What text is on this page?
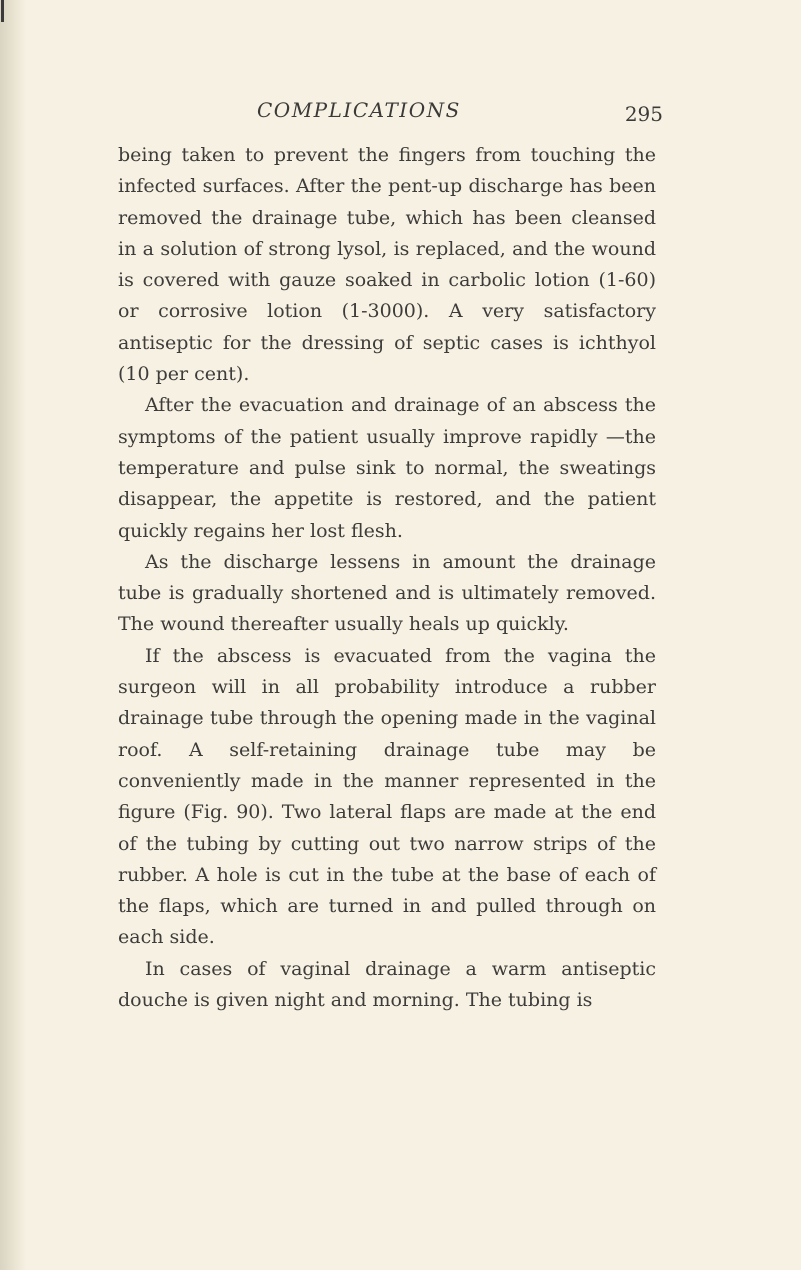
COMPLICATIONS	295

being taken to prevent the fingers from touching the infected surfaces. After the pent-up discharge has been removed the drainage tube, which has been cleansed in a solution of strong lysol, is replaced, and the wound is covered with gauze soaked in carbolic lotion (1-60) or corrosive lotion (1-3000). A very satisfactory antiseptic for the dressing of septic cases is ichthyol (10 per cent).

After the evacuation and drainage of an abscess the symptoms of the patient usually improve rapidly —the temperature and pulse sink to normal, the sweatings disappear, the appetite is restored, and the patient quickly regains her lost flesh.

As the discharge lessens in amount the drainage tube is gradually shortened and is ultimately removed. The wound thereafter usually heals up quickly.

If the abscess is evacuated from the vagina the surgeon will in all probability introduce a rubber drainage tube through the opening made in the vaginal roof. A self-retaining drainage tube may be conveniently made in the manner represented in the figure (Fig. 90). Two lateral flaps are made at the end of the tubing by cutting out two narrow strips of the rubber. A hole is cut in the tube at the base of each of the flaps, which are turned in and pulled through on each side.

In cases of vaginal drainage a warm antiseptic douche is given night and morning. The tubing is
